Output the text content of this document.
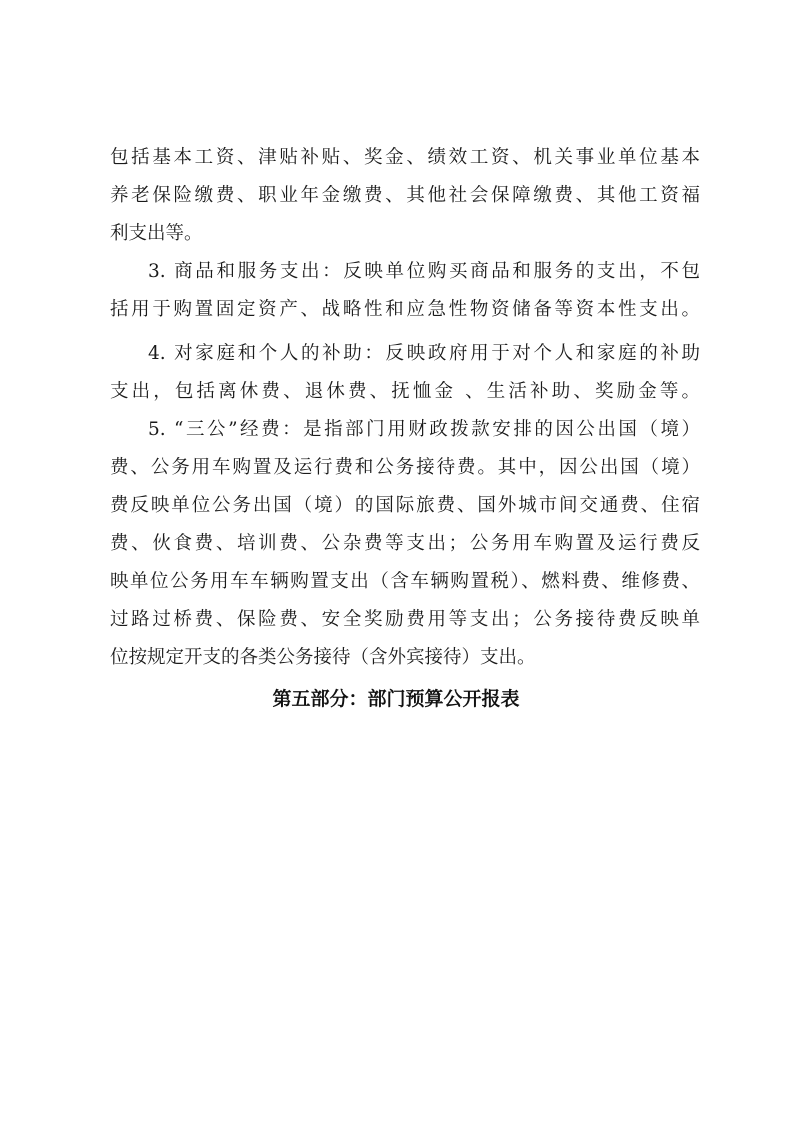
包括基本工资、津贴补贴、奖金、绩效工资、机关事业单位基本

养老保险缴费、职业年金缴费、其他社会保障缴费、其他工资福

利支出等。

3. 商品和服务支出：反映单位购买商品和服务的支出，不包

括用于购置固定资产、战略性和应急性物资储备等资本性支出。

4. 对家庭和个人的补助：反映政府用于对个人和家庭的补助

支出，包括离休费、退休费、抚恤金 、生活补助、奖励金等。

5. “三公”经费：是指部门用财政拨款安排的因公出国（境）

费、公务用车购置及运行费和公务接待费。其中，因公出国（境）

费反映单位公务出国（境）的国际旅费、国外城市间交通费、住宿

费、伙食费、培训费、公杂费等支出；公务用车购置及运行费反

映单位公务用车车辆购置支出（含车辆购置税）、燃料费、维修费、

过路过桥费、保险费、安全奖励费用等支出；公务接待费反映单

位按规定开支的各类公务接待（含外宾接待）支出。

第五部分：部门预算公开报表
